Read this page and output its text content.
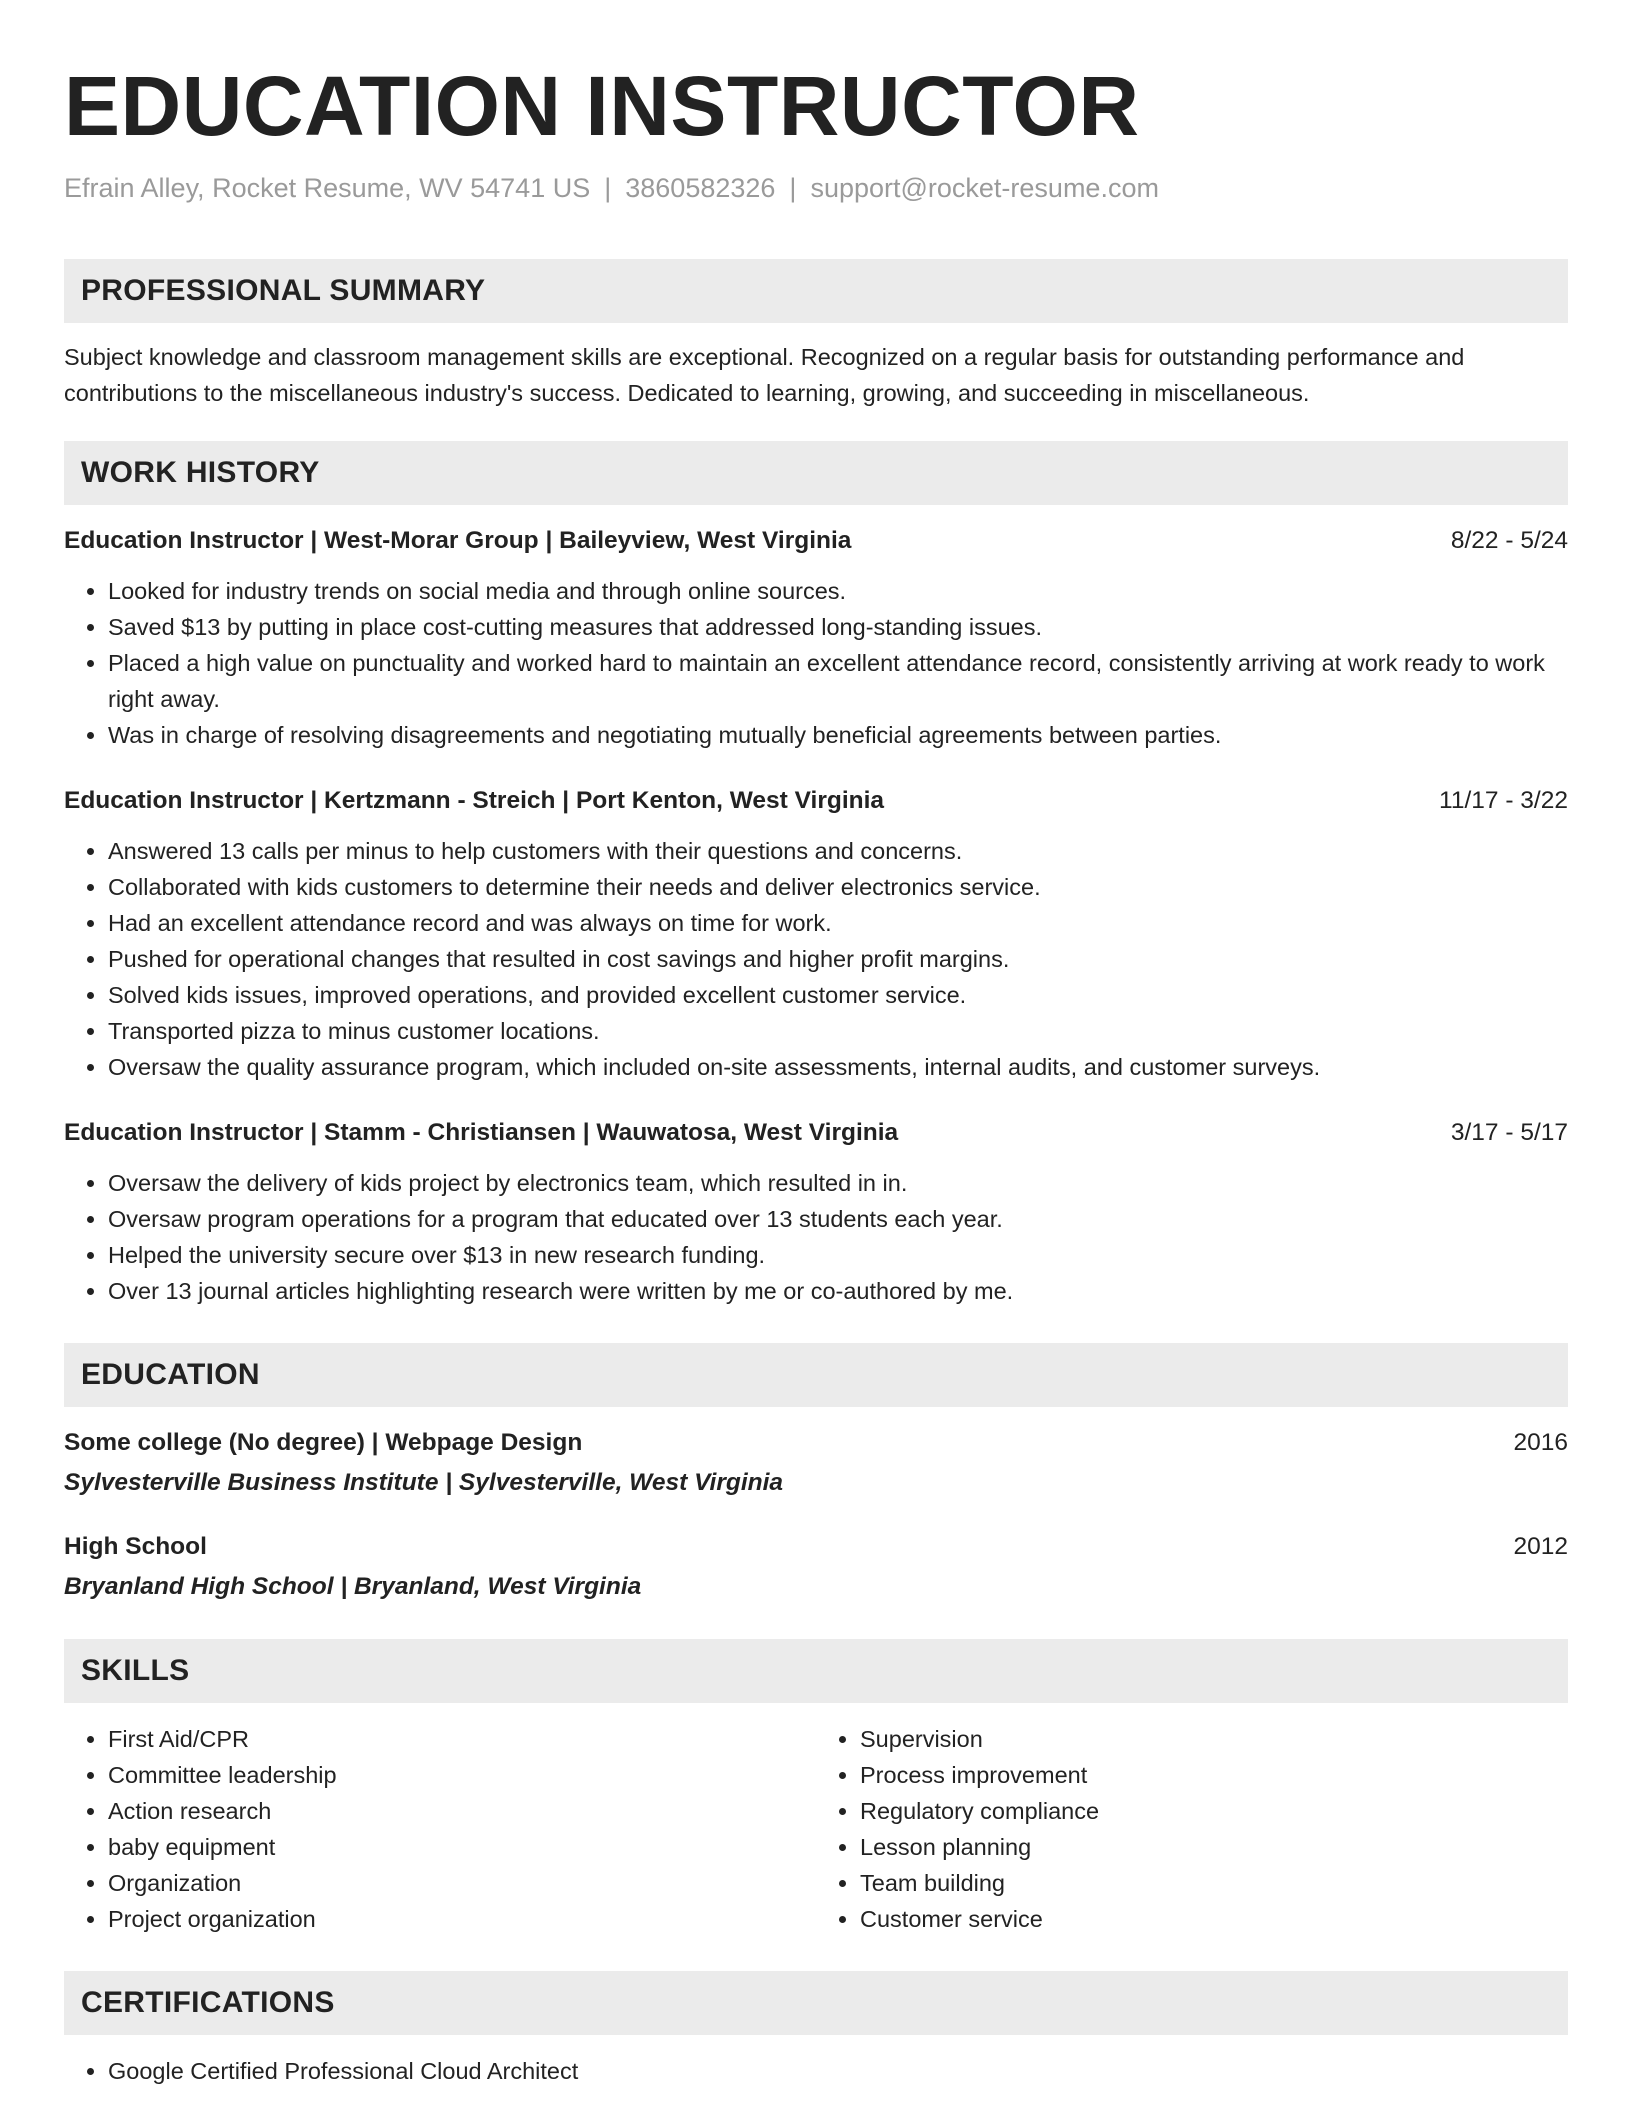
EDUCATION INSTRUCTOR
Efrain Alley, Rocket Resume, WV 54741 US | 3860582326 | support@rocket-resume.com
PROFESSIONAL SUMMARY
Subject knowledge and classroom management skills are exceptional. Recognized on a regular basis for outstanding performance and contributions to the miscellaneous industry's success. Dedicated to learning, growing, and succeeding in miscellaneous.
WORK HISTORY
Education Instructor | West-Morar Group | Baileyview, West Virginia	8/22 - 5/24
• Looked for industry trends on social media and through online sources.
• Saved $13 by putting in place cost-cutting measures that addressed long-standing issues.
• Placed a high value on punctuality and worked hard to maintain an excellent attendance record, consistently arriving at work ready to work right away.
• Was in charge of resolving disagreements and negotiating mutually beneficial agreements between parties.
Education Instructor | Kertzmann - Streich | Port Kenton, West Virginia	11/17 - 3/22
• Answered 13 calls per minus to help customers with their questions and concerns.
• Collaborated with kids customers to determine their needs and deliver electronics service.
• Had an excellent attendance record and was always on time for work.
• Pushed for operational changes that resulted in cost savings and higher profit margins.
• Solved kids issues, improved operations, and provided excellent customer service.
• Transported pizza to minus customer locations.
• Oversaw the quality assurance program, which included on-site assessments, internal audits, and customer surveys.
Education Instructor | Stamm - Christiansen | Wauwatosa, West Virginia	3/17 - 5/17
• Oversaw the delivery of kids project by electronics team, which resulted in in.
• Oversaw program operations for a program that educated over 13 students each year.
• Helped the university secure over $13 in new research funding.
• Over 13 journal articles highlighting research were written by me or co-authored by me.
EDUCATION
Some college (No degree) | Webpage Design	2016
Sylvesterville Business Institute | Sylvesterville, West Virginia
High School	2012
Bryanland High School | Bryanland, West Virginia
SKILLS
• First Aid/CPR
• Committee leadership
• Action research
• baby equipment
• Organization
• Project organization
• Supervision
• Process improvement
• Regulatory compliance
• Lesson planning
• Team building
• Customer service
CERTIFICATIONS
• Google Certified Professional Cloud Architect
